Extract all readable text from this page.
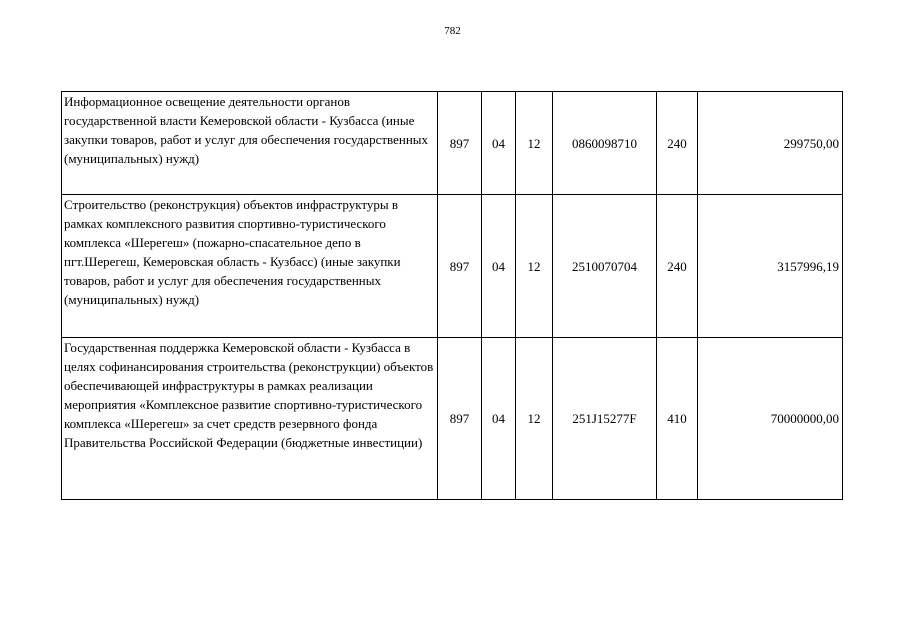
782
Информационное освещение деятельности органов государственной власти Кемеровской области - Кузбасса (иные закупки товаров, работ и услуг для обеспечения государственных (муниципальных) нужд)	897	04	12	0860098710	240	299750,00
Строительство (реконструкция) объектов инфраструктуры в рамках комплексного развития спортивно-туристического комплекса «Шерегеш» (пожарно-спасательное депо в пгт.Шерегеш, Кемеровская область - Кузбасс) (иные закупки товаров, работ и услуг для обеспечения государственных (муниципальных) нужд)	897	04	12	2510070704	240	3157996,19
Государственная поддержка Кемеровской области - Кузбасса в целях софинансирования строительства (реконструкции) объектов обеспечивающей инфраструктуры в рамках реализации мероприятия «Комплексное развитие спортивно-туристического комплекса «Шерегеш» за счет средств резервного фонда Правительства Российской Федерации (бюджетные инвестиции)	897	04	12	251J15277F	410	70000000,00
